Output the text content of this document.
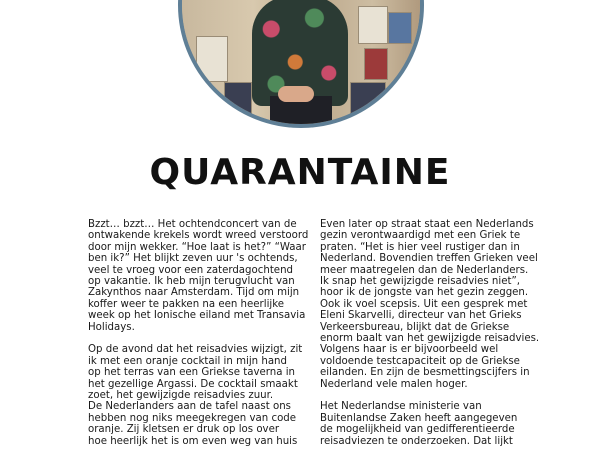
QUARANTAINE
Bzzt… bzzt… Het ochtendconcert van de
ontwakende krekels wordt wreed verstoord
door mijn wekker. “Hoe laat is het?” “Waar
ben ik?” Het blijkt zeven uur 's ochtends,
veel te vroeg voor een zaterdagochtend
op vakantie. Ik heb mijn terugvlucht van
Zakynthos naar Amsterdam. Tijd om mijn
koffer weer te pakken na een heerlijke
week op het Ionische eiland met Transavia
Holidays.
Op de avond dat het reisadvies wijzigt, zit
ik met een oranje cocktail in mijn hand
op het terras van een Griekse taverna in
het gezellige Argassi. De cocktail smaakt
zoet, het gewijzigde reisadvies zuur.
De Nederlanders aan de tafel naast ons
hebben nog niks meegekregen van code
oranje. Zij kletsen er druk op los over
hoe heerlijk het is om even weg van huis
Even later op straat staat een Nederlands
gezin verontwaardigd met een Griek te
praten. “Het is hier veel rustiger dan in
Nederland. Bovendien treffen Grieken veel
meer maatregelen dan de Nederlanders.
Ik snap het gewijzigde reisadvies niet”,
hoor ik de jongste van het gezin zeggen.
Ook ik voel scepsis. Uit een gesprek met
Eleni Skarvelli, directeur van het Grieks
Verkeersbureau, blijkt dat de Griekse
enorm baalt van het gewijzigde reisadvies.
Volgens haar is er bijvoorbeeld wel
voldoende testcapaciteit op de Griekse
eilanden. En zijn de besmettingscijfers in
Nederland vele malen hoger.
Het Nederlandse ministerie van
Buitenlandse Zaken heeft aangegeven
de mogelijkheid van gedifferentieerde
reisadviezen te onderzoeken. Dat lijkt
